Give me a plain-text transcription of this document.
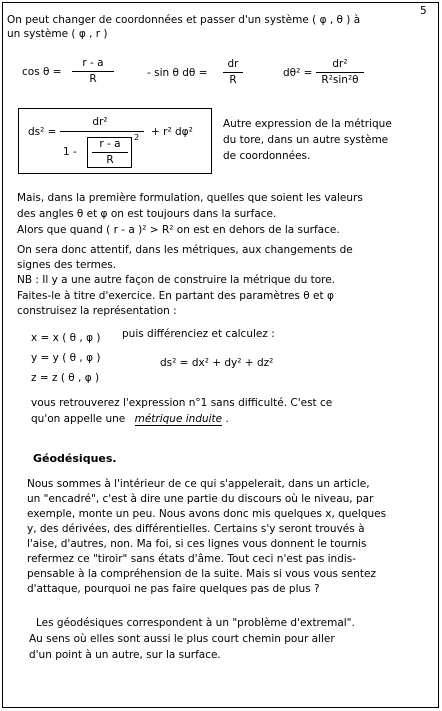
5
On peut changer de coordonnées et passer d'un système ( φ , θ ) à
un système ( φ , r )
cos θ =
r - a
R	- sin θ dθ =
dr
R
dθ² =
dr²
R²sin²θ
ds² =
dr²
1 -
r - a
R
2 + r² dφ²
Autre expression de la métrique
du tore, dans un autre système
de coordonnées.
Mais, dans la première formulation, quelles que soient les valeurs
des angles θ et φ on est toujours dans la surface.
Alors que quand ( r - a )² > R² on est en dehors de la surface.
On sera donc attentif, dans les métriques, aux changements de
signes des termes.
NB : Il y a une autre façon de construire la métrique du tore.
Faites-le à titre d'exercice. En partant des paramètres θ et φ
construisez la représentation :
x = x ( θ , φ )
y = y ( θ , φ )
z = z ( θ , φ )
puis différenciez et calculez :
ds² = dx² + dy² + dz²
vous retrouverez l'expression n°1 sans difficulté. C'est ce
qu'on appelle une métrique induite .
Géodésiques.
Nous sommes à l'intérieur de ce qui s'appelerait, dans un article,
un "encadré", c'est à dire une partie du discours où le niveau, par
exemple, monte un peu. Nous avons donc mis quelques x, quelques
y, des dérivées, des différentielles. Certains s'y seront trouvés à
l'aise, d'autres, non. Ma foi, si ces lignes vous donnent le tournis
refermez ce "tiroir" sans états d'âme. Tout ceci n'est pas indis-
pensable à la compréhension de la suite. Mais si vous vous sentez
d'attaque, pourquoi ne pas faire quelques pas de plus ?
Les géodésiques correspondent à un "problème d'extremal".
Au sens où elles sont aussi le plus court chemin pour aller
d'un point à un autre, sur la surface.
